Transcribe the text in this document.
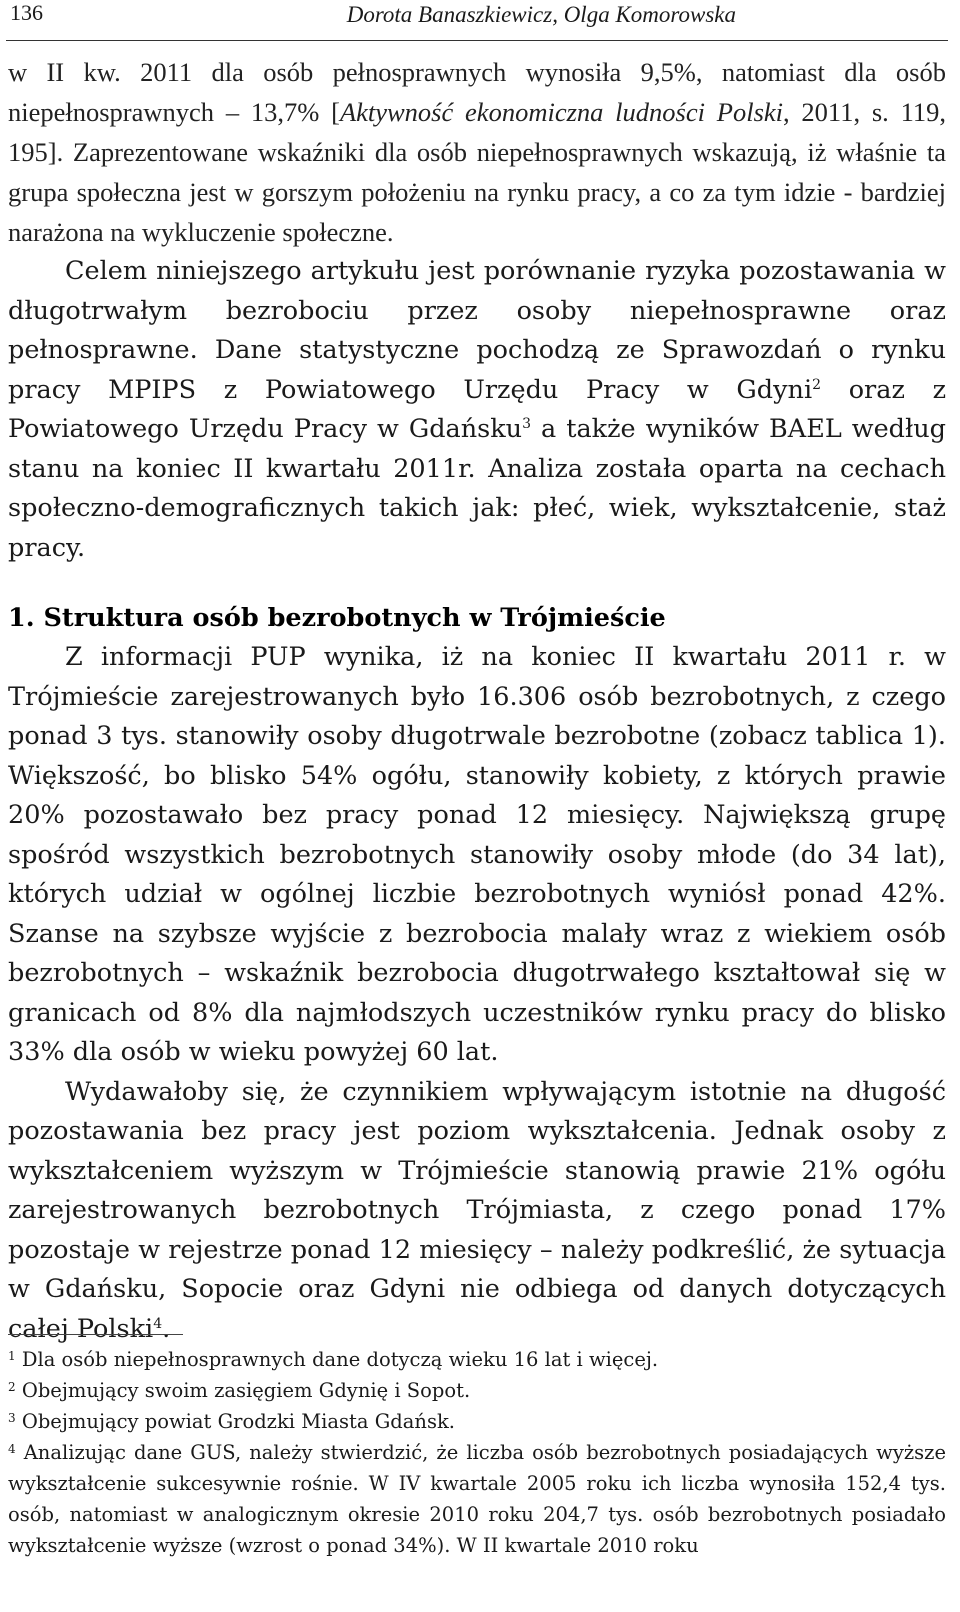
136	Dorota Banaszkiewicz, Olga Komorowska

w II kw. 2011 dla osób pełnosprawnych wynosiła 9,5%, natomiast dla osób niepełnosprawnych – 13,7% [Aktywność ekonomiczna ludności Polski, 2011, s. 119, 195]. Zaprezentowane wskaźniki dla osób niepełnosprawnych wskazują, iż właśnie ta grupa społeczna jest w gorszym położeniu na rynku pracy, a co za tym idzie - bardziej narażona na wykluczenie społeczne.

Celem niniejszego artykułu jest porównanie ryzyka pozostawania w długotrwałym bezrobociu przez osoby niepełnosprawne oraz pełnosprawne. Dane statystyczne pochodzą ze Sprawozdań o rynku pracy MPIPS z Powiatowego Urzędu Pracy w Gdyni$^2$ oraz z Powiatowego Urzędu Pracy w Gdańsku$^3$ a także wyników BAEL według stanu na koniec II kwartału 2011r. Analiza została oparta na cechach społeczno-demograficznych takich jak: płeć, wiek, wykształcenie, staż pracy.

1. Struktura osób bezrobotnych w Trójmieście

Z informacji PUP wynika, iż na koniec II kwartału 2011 r. w Trójmieście zarejestrowanych było 16.306 osób bezrobotnych, z czego ponad 3 tys. stanowiły osoby długotrwale bezrobotne (zobacz tablica 1). Większość, bo blisko 54% ogółu, stanowiły kobiety, z których prawie 20% pozostawało bez pracy ponad 12 miesięcy. Największą grupę spośród wszystkich bezrobotnych stanowiły osoby młode (do 34 lat), których udział w ogólnej liczbie bezrobotnych wyniósł ponad 42%. Szanse na szybsze wyjście z bezrobocia malały wraz z wiekiem osób bezrobotnych – wskaźnik bezrobocia długotrwałego kształtował się w granicach od 8% dla najmłodszych uczestników rynku pracy do blisko 33% dla osób w wieku powyżej 60 lat.

Wydawałoby się, że czynnikiem wpływającym istotnie na długość pozostawania bez pracy jest poziom wykształcenia. Jednak osoby z wykształceniem wyższym w Trójmieście stanowią prawie 21% ogółu zarejestrowanych bezrobotnych Trójmiasta, z czego ponad 17% pozostaje w rejestrze ponad 12 miesięcy – należy podkreślić, że sytuacja w Gdańsku, Sopocie oraz Gdyni nie odbiega od danych dotyczących całej Polski$^4$.

$^1$ Dla osób niepełnosprawnych dane dotyczą wieku 16 lat i więcej.

$^2$ Obejmujący swoim zasięgiem Gdynię i Sopot.

$^3$ Obejmujący powiat Grodzki Miasta Gdańsk.

$^4$ Analizując dane GUS, należy stwierdzić, że liczba osób bezrobotnych posiadających wyższe wykształcenie sukcesywnie rośnie. W IV kwartale 2005 roku ich liczba wynosiła 152,4 tys. osób, natomiast w analogicznym okresie 2010 roku 204,7 tys. osób bezrobotnych posiadało wykształcenie wyższe (wzrost o ponad 34%). W II kwartale 2010 roku
